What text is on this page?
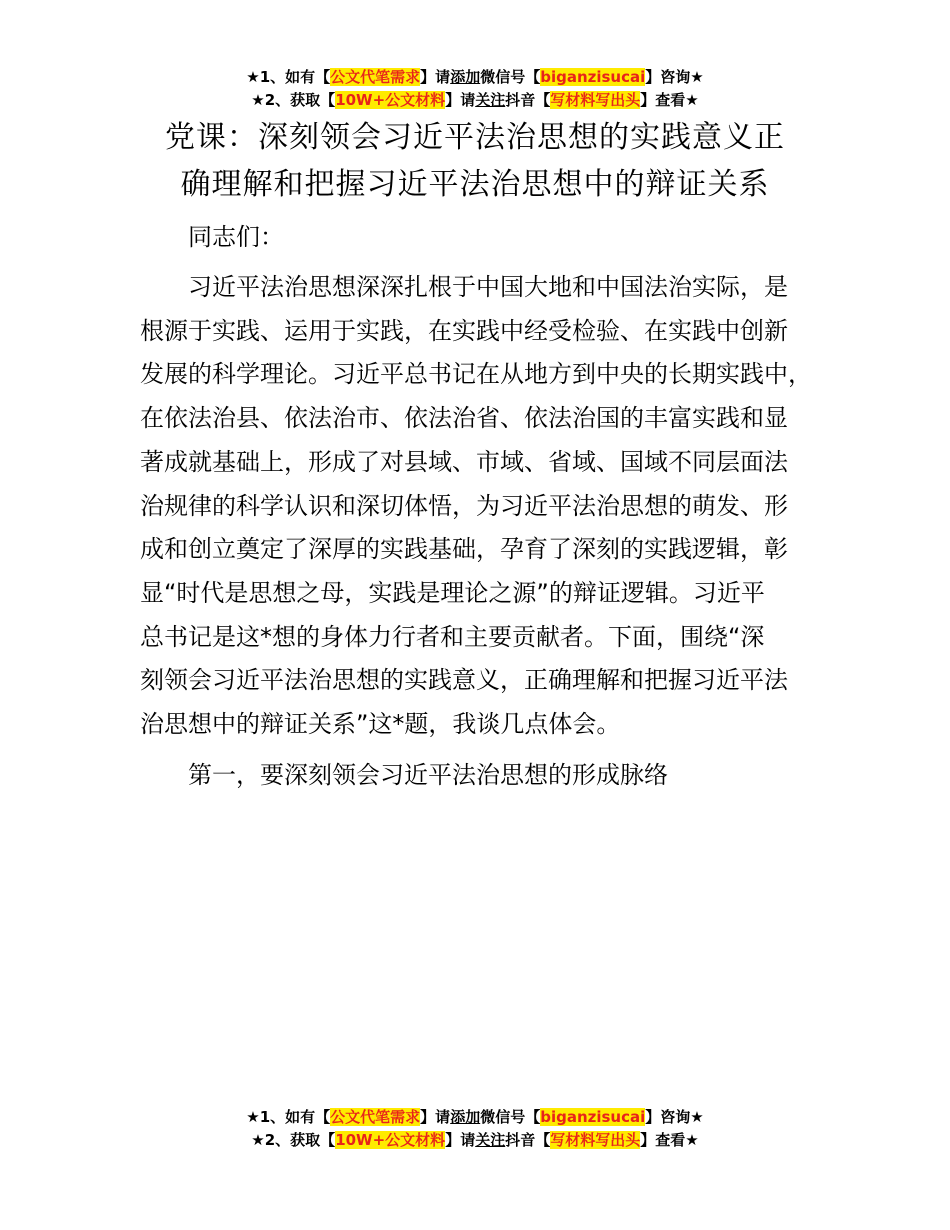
★1、如有【公文代笔需求】请添加微信号【biganzisucai】咨询★
★2、获取【10W+公文材料】请关注抖音【写材料写出头】查看★
党课：深刻领会习近平法治思想的实践意义正
确理解和把握习近平法治思想中的辩证关系
同志们：
习近平法治思想深深扎根于中国大地和中国法治实际，是
根源于实践、运用于实践，在实践中经受检验、在实践中创新
发展的科学理论。习近平总书记在从地方到中央的长期实践中，
在依法治县、依法治市、依法治省、依法治国的丰富实践和显
著成就基础上，形成了对县域、市域、省域、国域不同层面法
治规律的科学认识和深切体悟，为习近平法治思想的萌发、形
成和创立奠定了深厚的实践基础，孕育了深刻的实践逻辑，彰
显“时代是思想之母，实践是理论之源”的辩证逻辑。习近平
总书记是这*想的身体力行者和主要贡献者。下面，围绕“深
刻领会习近平法治思想的实践意义，正确理解和把握习近平法
治思想中的辩证关系”这*题，我谈几点体会。
第一，要深刻领会习近平法治思想的形成脉络
★1、如有【公文代笔需求】请添加微信号【biganzisucai】咨询★
★2、获取【10W+公文材料】请关注抖音【写材料写出头】查看★
